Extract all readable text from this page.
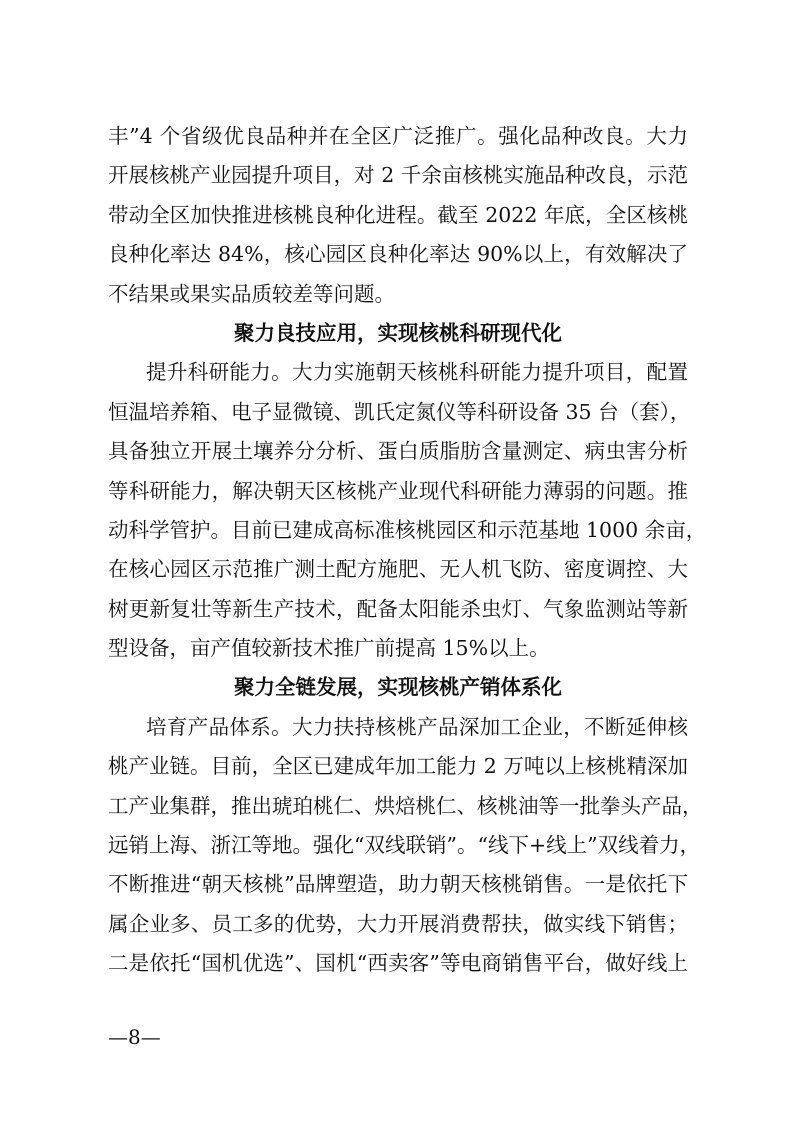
丰”4 个省级优良品种并在全区广泛推广。强化品种改良。大力
开展核桃产业园提升项目，对 2 千余亩核桃实施品种改良，示范
带动全区加快推进核桃良种化进程。截至 2022 年底，全区核桃
良种化率达 84%，核心园区良种化率达 90%以上，有效解决了
不结果或果实品质较差等问题。
聚力良技应用，实现核桃科研现代化
提升科研能力。大力实施朝天核桃科研能力提升项目，配置
恒温培养箱、电子显微镜、凯氏定氮仪等科研设备 35 台（套），
具备独立开展土壤养分分析、蛋白质脂肪含量测定、病虫害分析
等科研能力，解决朝天区核桃产业现代科研能力薄弱的问题。推
动科学管护。目前已建成高标准核桃园区和示范基地 1000 余亩，
在核心园区示范推广测土配方施肥、无人机飞防、密度调控、大
树更新复壮等新生产技术，配备太阳能杀虫灯、气象监测站等新
型设备，亩产值较新技术推广前提高 15%以上。
聚力全链发展，实现核桃产销体系化
培育产品体系。大力扶持核桃产品深加工企业，不断延伸核
桃产业链。目前，全区已建成年加工能力 2 万吨以上核桃精深加
工产业集群，推出琥珀桃仁、烘焙桃仁、核桃油等一批拳头产品，
远销上海、浙江等地。强化“双线联销”。“线下+线上”双线着力，
不断推进“朝天核桃”品牌塑造，助力朝天核桃销售。一是依托下
属企业多、员工多的优势，大力开展消费帮扶，做实线下销售；
二是依托“国机优选”、国机“西卖客”等电商销售平台，做好线上
—8—
